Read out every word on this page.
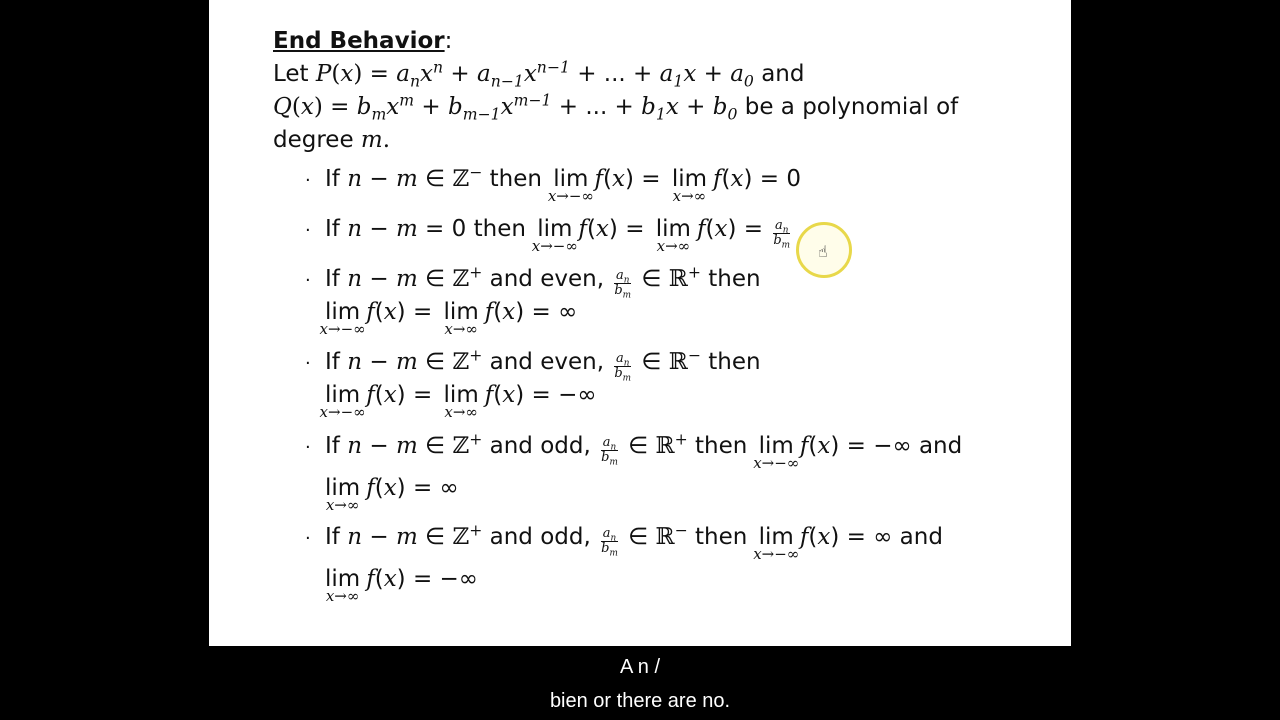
End Behavior:
Let $P(x) = a_nx^n + a_{n-1}x^{n-1}$ + ... + $a_1x + a_0$ and
$Q(x) = b_mx^m + b_{m-1}x^{m-1}$ + ... + $b_1x + b_0$ be a polynomial of
degree m.
· If n − m ∈ ℤ− then lim
x→−∞
f(x) = lim
x→∞
f(x) = 0
· If n − m = 0 then lim
x→−∞
f(x) = lim
x→∞
$f(x) = \frac{a_n}{b_m}$
· If n − m ∈ ℤ+ and even, $\frac{a_n}{b_m}$ ∈ ℝ+ then
lim
x→−∞
f(x) = lim
x→∞
f(x) = ∞
· If n − m ∈ ℤ+ and even, $\frac{a_n}{b_m}$ ∈ ℝ− then
lim
x→−∞
f(x) = lim
x→∞
f(x) = −∞
· If n − m ∈ ℤ+ and odd, $\frac{a_n}{b_m}$ ∈ ℝ+ then lim
x→−∞
f(x) = −∞ and
lim
x→∞
f(x) = ∞
· If n − m ∈ ℤ+ and odd, $\frac{a_n}{b_m}$ ∈ ℝ− then lim
x→−∞
f(x) = ∞ and
lim
x→∞
f(x) = −∞
☝
A n /
bien or there are no.
